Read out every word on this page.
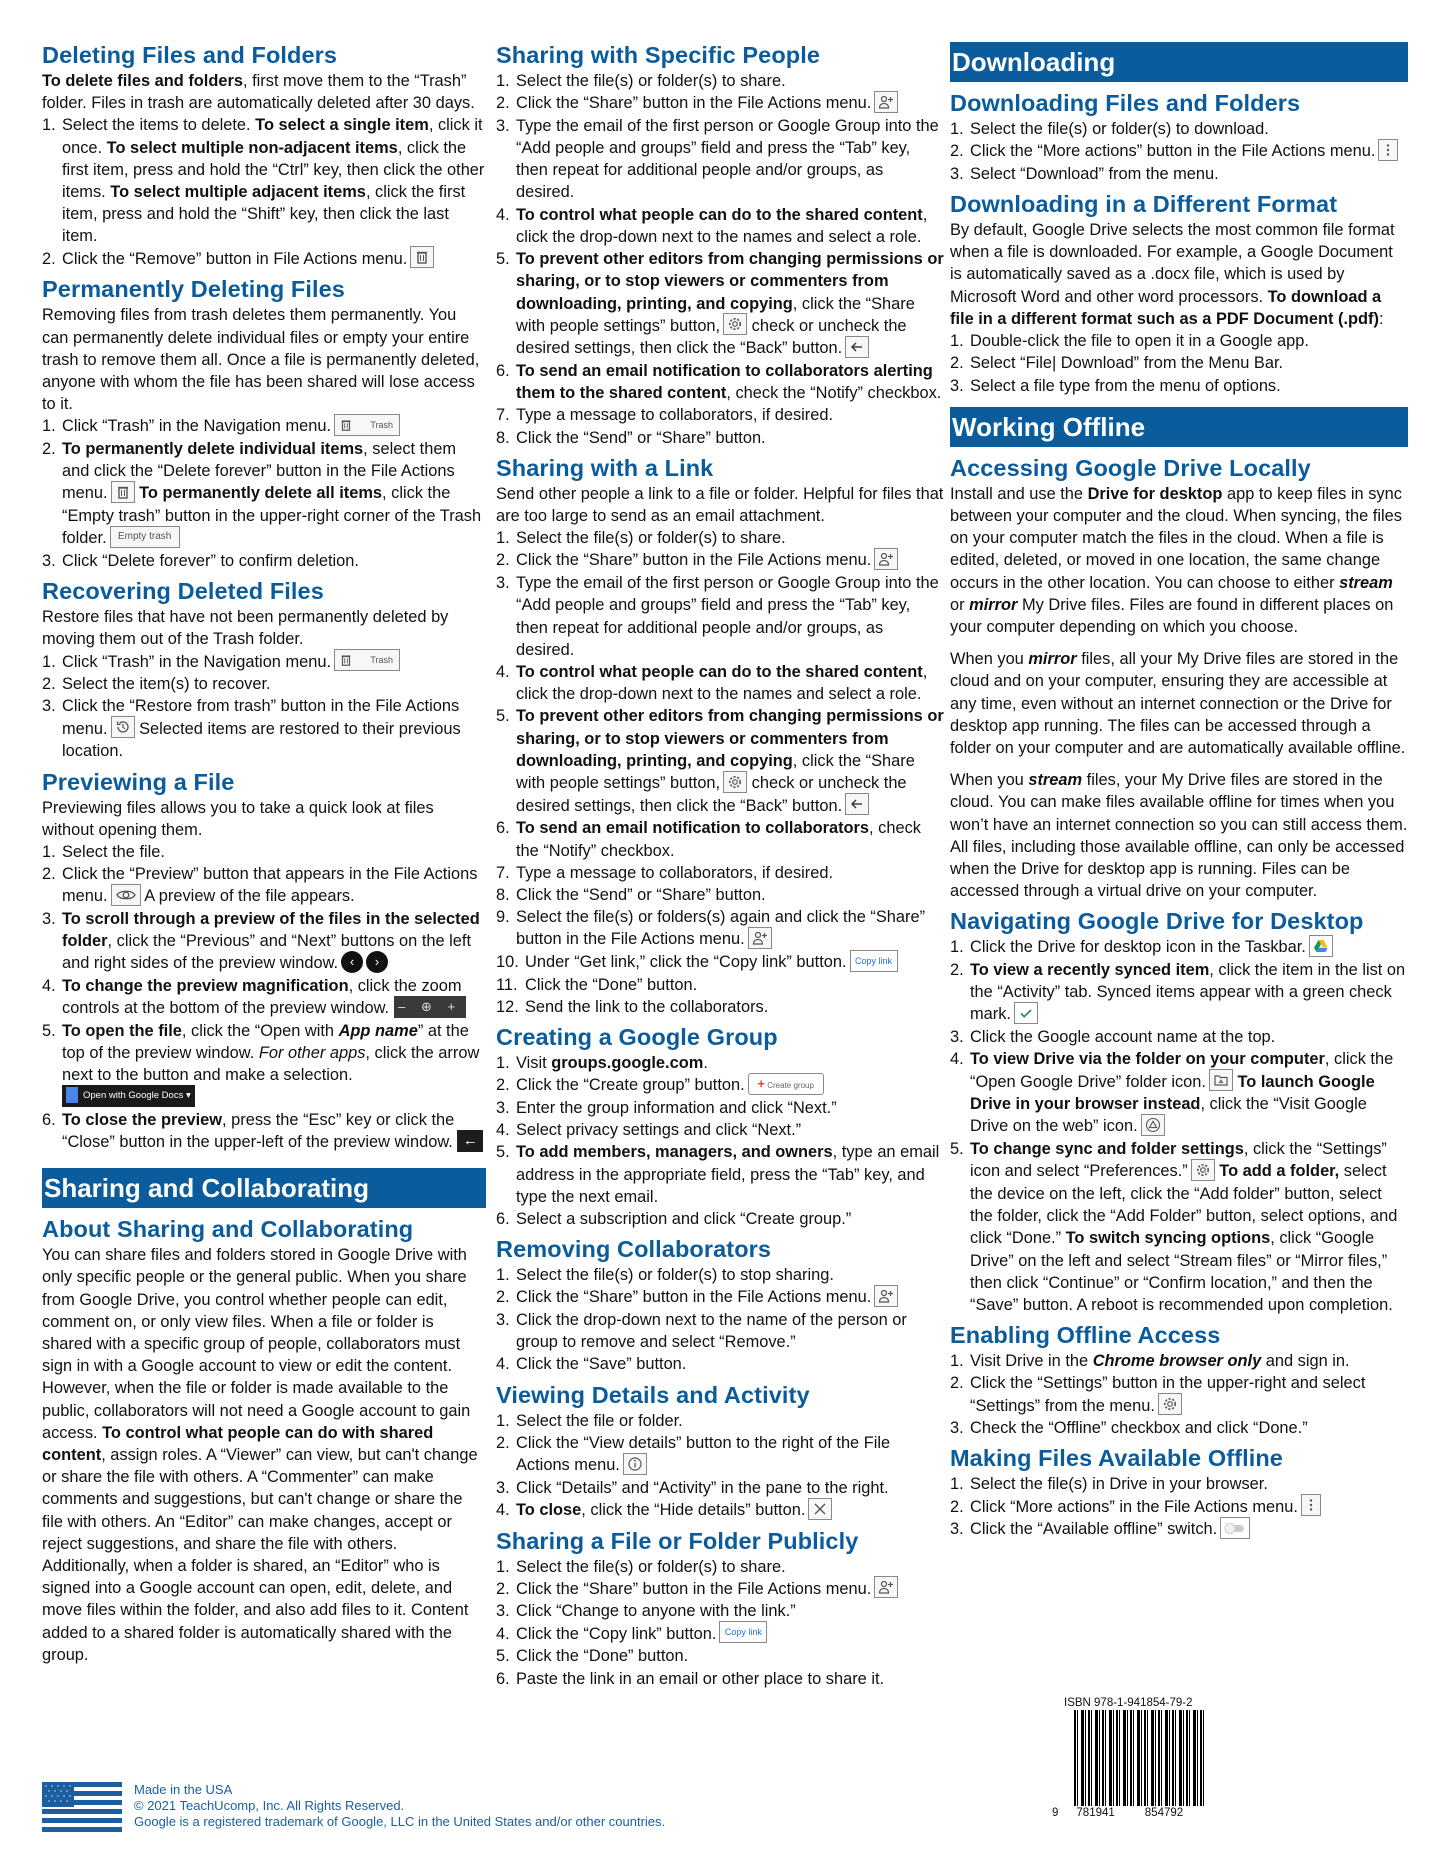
Deleting Files and Folders
To delete files and folders, first move them to the “Trash” folder. Files in trash are automatically deleted after 30 days.
1. Select the items to delete. To select a single item, click it once. To select multiple non-adjacent items, click the first item, press and hold the “Ctrl” key, then click the other items. To select multiple adjacent items, click the first item, press and hold the “Shift” key, then click the last item.
2. Click the “Remove” button in File Actions menu.
Permanently Deleting Files
Removing files from trash deletes them permanently. You can permanently delete individual files or empty your entire trash to remove them all. Once a file is permanently deleted, anyone with whom the file has been shared will lose access to it.
1. Click “Trash” in the Navigation menu.	Trash
2. To permanently delete individual items, select them and click the “Delete forever” button in the File Actions menu. To permanently delete all items, click the “Empty trash” button in the upper-right corner of the Trash folder. Empty trash
3. Click “Delete forever” to confirm deletion.
Recovering Deleted Files
Restore files that have not been permanently deleted by moving them out of the Trash folder.
1. Click “Trash” in the Navigation menu.	Trash
2. Select the item(s) to recover.
3. Click the “Restore from trash” button in the File Actions menu.
Selected items are restored to their previous location.
Previewing a File
Previewing files allows you to take a quick look at files without opening them.
1. Select the file.
2. Click the “Preview” button that appears in the File Actions menu.
A preview of the file appears.
3. To scroll through a preview of the files in the selected folder, click the “Previous” and “Next” buttons on the left and right sides of the preview window. ‹ ›
4. To change the preview magnification, click the zoom controls at the bottom of the preview window. – ⊕ +
5. To open the file, click the “Open with App name” at the top of the preview window. For other apps, click the arrow next to the button and make a selection. Open with Google Docs ▾
6. To close the preview, press the “Esc” key or click the “Close” button in the upper-left of the preview window. ←
Sharing and Collaborating
About Sharing and Collaborating
You can share files and folders stored in Google Drive with only specific people or the general public. When you share from Google Drive, you control whether people can edit, comment on, or only view files. When a file or folder is shared with a specific group of people, collaborators must sign in with a Google account to view or edit the content. However, when the file or folder is made available to the public, collaborators will not need a Google account to gain access. To control what people can do with shared content, assign roles. A “Viewer” can view, but can't change or share the file with others. A “Commenter” can make comments and suggestions, but can't change or share the file with others. An “Editor” can make changes, accept or reject suggestions, and share the file with others. Additionally, when a folder is shared, an “Editor” who is signed into a Google account can open, edit, delete, and move files within the folder, and also add files to it. Content added to a shared folder is automatically shared with the group.
Sharing with Specific People
1. Select the file(s) or folder(s) to share.
2. Click the “Share” button in the File Actions menu.
3. Type the email of the first person or Google Group into the “Add people and groups” field and press the “Tab” key, then repeat for additional people and/or groups, as desired.
4. To control what people can do to the shared content, click the drop-down next to the names and select a role.
5. To prevent other editors from changing permissions or sharing, or to stop viewers or commenters from downloading, printing, and copying, click the “Share with people settings” button,
check or uncheck the desired settings, then click the “Back” button.
6. To send an email notification to collaborators alerting them to the shared content, check the “Notify” checkbox.
7. Type a message to collaborators, if desired.
8. Click the “Send” or “Share” button.
Sharing with a Link
Send other people a link to a file or folder. Helpful for files that are too large to send as an email attachment.
1. Select the file(s) or folder(s) to share.
2. Click the “Share” button in the File Actions menu.
3. Type the email of the first person or Google Group into the “Add people and groups” field and press the “Tab” key, then repeat for additional people and/or groups, as desired.
4. To control what people can do to the shared content, click the drop-down next to the names and select a role.
5. To prevent other editors from changing permissions or sharing, or to stop viewers or commenters from downloading, printing, and copying, click the “Share with people settings” button,
check or uncheck the desired settings, then click the “Back” button.
6. To send an email notification to collaborators, check the “Notify” checkbox.
7. Type a message to collaborators, if desired.
8. Click the “Send” or “Share” button.
9. Select the file(s) or folders(s) again and click the “Share” button in the File Actions menu.
10. Under “Get link,” click the “Copy link” button. Copy link
11. Click the “Done” button.
12. Send the link to the collaborators.
Creating a Google Group
1. Visit groups.google.com.
2. Click the “Create group” button. + Create group
3. Enter the group information and click “Next.”
4. Select privacy settings and click “Next.”
5. To add members, managers, and owners, type an email address in the appropriate field, press the “Tab” key, and type the next email.
6. Select a subscription and click “Create group.”
Removing Collaborators
1. Select the file(s) or folder(s) to stop sharing.
2. Click the “Share” button in the File Actions menu.
3. Click the drop-down next to the name of the person or group to remove and select “Remove.”
4. Click the “Save” button.
Viewing Details and Activity
1. Select the file or folder.
2. Click the “View details” button to the right of the File Actions menu.
3. Click “Details” and “Activity” in the pane to the right.
4. To close, click the “Hide details” button.
Sharing a File or Folder Publicly
1. Select the file(s) or folder(s) to share.
2. Click the “Share” button in the File Actions menu.
3. Click “Change to anyone with the link.”
4. Click the “Copy link” button. Copy link
5. Click the “Done” button.
6. Paste the link in an email or other place to share it.
Downloading
Downloading Files and Folders
1. Select the file(s) or folder(s) to download.
2. Click the “More actions” button in the File Actions menu.
3. Select “Download” from the menu.
Downloading in a Different Format
By default, Google Drive selects the most common file format when a file is downloaded. For example, a Google Document is automatically saved as a .docx file, which is used by Microsoft Word and other word processors. To download a file in a different format such as a PDF Document (.pdf):
1. Double-click the file to open it in a Google app.
2. Select “File| Download” from the Menu Bar.
3. Select a file type from the menu of options.
Working Offline
Accessing Google Drive Locally
Install and use the Drive for desktop app to keep files in sync between your computer and the cloud. When syncing, the files on your computer match the files in the cloud. When a file is edited, deleted, or moved in one location, the same change occurs in the other location. You can choose to either stream or mirror My Drive files. Files are found in different places on your computer depending on which you choose.
When you mirror files, all your My Drive files are stored in the cloud and on your computer, ensuring they are accessible at any time, even without an internet connection or the Drive for desktop app running. The files can be accessed through a folder on your computer and are automatically available offline.
When you stream files, your My Drive files are stored in the cloud. You can make files available offline for times when you won’t have an internet connection so you can still access them. All files, including those available offline, can only be accessed when the Drive for desktop app is running. Files can be accessed through a virtual drive on your computer.
Navigating Google Drive for Desktop
1. Click the Drive for desktop icon in the Taskbar.
2. To view a recently synced item, click the item in the list on the “Activity” tab. Synced items appear with a green check mark.
3. Click the Google account name at the top.
4. To view Drive via the folder on your computer, click the “Open Google Drive” folder icon.
To launch Google Drive in your browser instead, click the “Visit Google Drive on the web” icon.
5. To change sync and folder settings, click the “Settings” icon and select “Preferences.”
To add a folder, select the device on the left, click the “Add folder” button, select the folder, click the “Add Folder” button, select options, and click “Done.” To switch syncing options, click “Google Drive” on the left and select “Stream files” or “Mirror files,” then click “Continue” or “Confirm location,” and then the “Save” button. A reboot is recommended upon completion.
Enabling Offline Access
1. Visit Drive in the Chrome browser only and sign in.
2. Click the “Settings” button in the upper-right and select “Settings” from the menu.
3. Check the “Offline” checkbox and click “Done.”
Making Files Available Offline
1. Select the file(s) in Drive in your browser.
2. Click “More actions” in the File Actions menu.
3. Click the “Available offline” switch.
ISBN 978-1-941854-79-2
9 781941	854792
Made in the USA
© 2021 TeachUcomp, Inc. All Rights Reserved.
Google is a registered trademark of Google, LLC in the United States and/or other countries.
